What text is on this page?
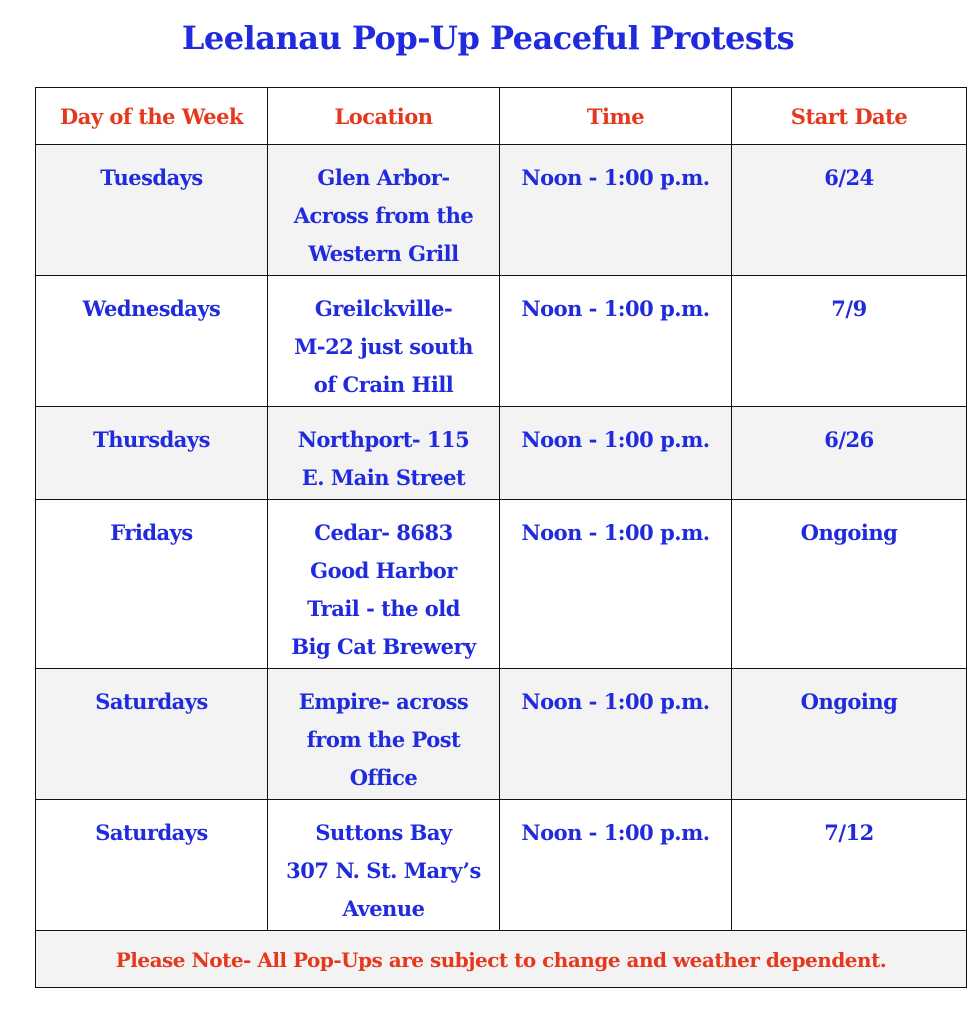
Leelanau Pop-Up Peaceful Protests
Day of the Week	Location	Time	Start Date
Tuesdays	Glen Arbor-
Across from the
Western Grill	Noon - 1:00 p.m.	6/24
Wednesdays	Greilckville-
M-22 just south
of Crain Hill	Noon - 1:00 p.m.	7/9
Thursdays	Northport- 115
E. Main Street	Noon - 1:00 p.m.	6/26
Fridays	Cedar- 8683
Good Harbor
Trail - the old
Big Cat Brewery	Noon - 1:00 p.m.	Ongoing
Saturdays	Empire- across
from the Post
Office	Noon - 1:00 p.m.	Ongoing
Saturdays	Suttons Bay
307 N. St. Mary’s
Avenue	Noon - 1:00 p.m.	7/12
Please Note- All Pop-Ups are subject to change and weather dependent.			
